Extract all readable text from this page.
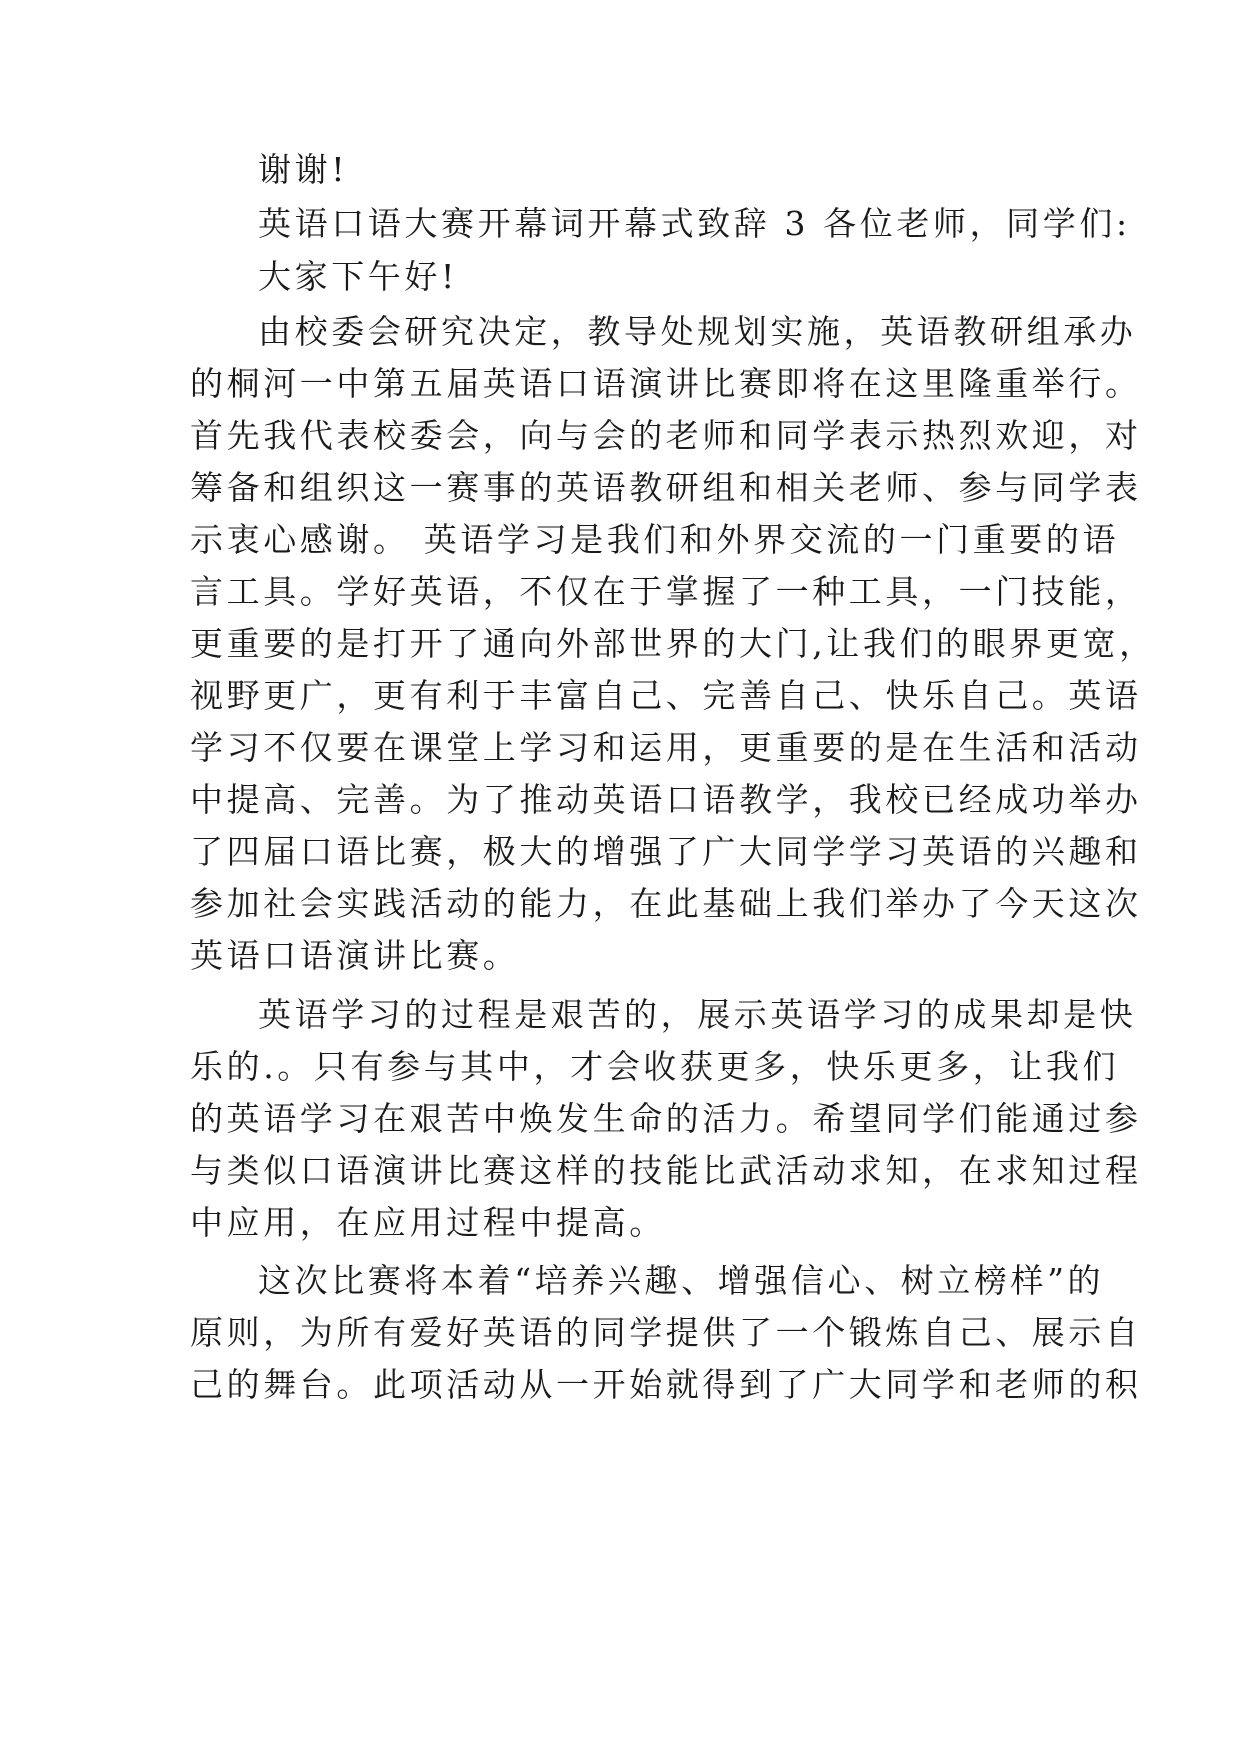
谢谢!
英语口语大赛开幕词开幕式致辞 3 各位老师，同学们:
大家下午好!
由校委会研究决定，教导处规划实施，英语教研组承办
的桐河一中第五届英语口语演讲比赛即将在这里隆重举行。
首先我代表校委会，向与会的老师和同学表示热烈欢迎，对
筹备和组织这一赛事的英语教研组和相关老师、参与同学表
示衷心感谢。 英语学习是我们和外界交流的一门重要的语
言工具。学好英语，不仅在于掌握了一种工具，一门技能，
更重要的是打开了通向外部世界的大门,让我们的眼界更宽，
视野更广，更有利于丰富自己、完善自己、快乐自己。英语
学习不仅要在课堂上学习和运用，更重要的是在生活和活动
中提高、完善。为了推动英语口语教学，我校已经成功举办
了四届口语比赛，极大的增强了广大同学学习英语的兴趣和
参加社会实践活动的能力，在此基础上我们举办了今天这次
英语口语演讲比赛。
英语学习的过程是艰苦的，展示英语学习的成果却是快
乐的.。只有参与其中，才会收获更多，快乐更多，让我们
的英语学习在艰苦中焕发生命的活力。希望同学们能通过参
与类似口语演讲比赛这样的技能比武活动求知，在求知过程
中应用，在应用过程中提高。
这次比赛将本着“培养兴趣、增强信心、树立榜样”的
原则，为所有爱好英语的同学提供了一个锻炼自己、展示自
己的舞台。此项活动从一开始就得到了广大同学和老师的积
